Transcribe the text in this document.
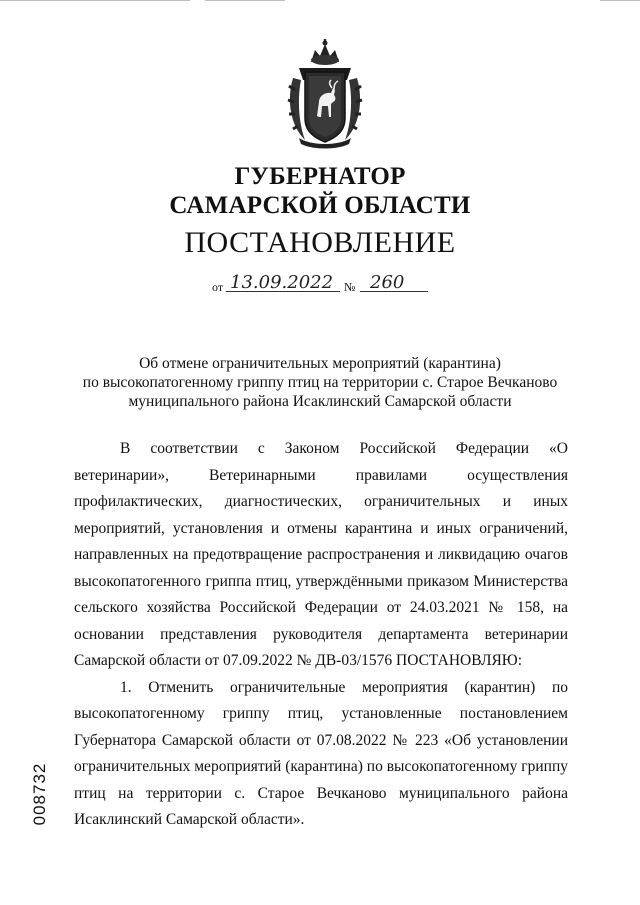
ГУБЕРНАТОР
САМАРСКОЙ ОБЛАСТИ
ПОСТАНОВЛЕНИЕ
от 13.09.2022 № 260
Об отмене ограничительных мероприятий (карантина)
по высокопатогенному гриппу птиц на территории с. Старое Вечканово
муниципального района Исаклинский Самарской области

В соответствии с Законом Российской Федерации «О ветеринарии», Ветеринарными правилами осуществления профилактических, диагностических, ограничительных и иных мероприятий, установления и отмены карантина и иных ограничений, направленных на предотвращение распространения и ликвидацию очагов высокопатогенного гриппа птиц, утверждёнными приказом Министерства сельского хозяйства Российской Федерации от 24.03.2021 № 158, на основании представления руководителя департамента ветеринарии Самарской области от 07.09.2022 № ДВ-03/1576 ПОСТАНОВЛЯЮ:

1. Отменить ограничительные мероприятия (карантин) по высокопатогенному гриппу птиц, установленные постановлением Губернатора Самарской области от 07.08.2022 № 223 «Об установлении ограничительных мероприятий (карантина) по высокопатогенному гриппу птиц на территории с. Старое Вечканово муниципального района Исаклинский Самарской области».

008732
